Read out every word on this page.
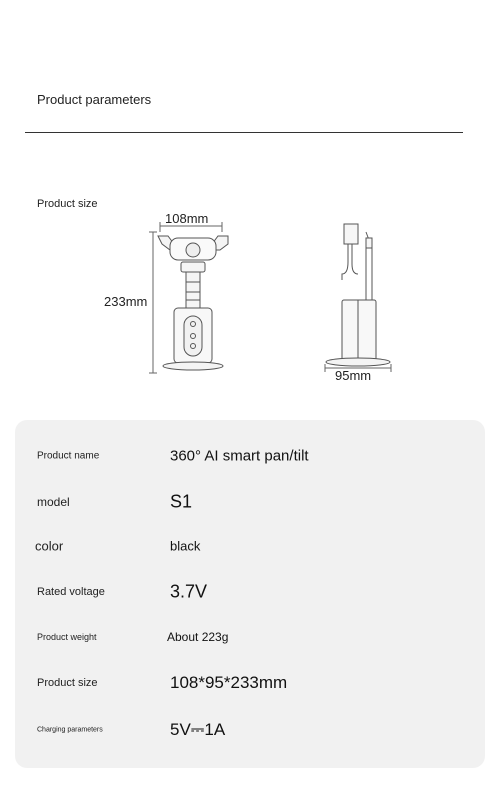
Product parameters
Product size
108mm
233mm
95mm
Product name	360° AI smart pan/tilt
model	S1
color	black
Rated voltage	3.7V
Product weight	About 223g
Product size	108*95*233mm
Charging parameters	5V⎓1A
